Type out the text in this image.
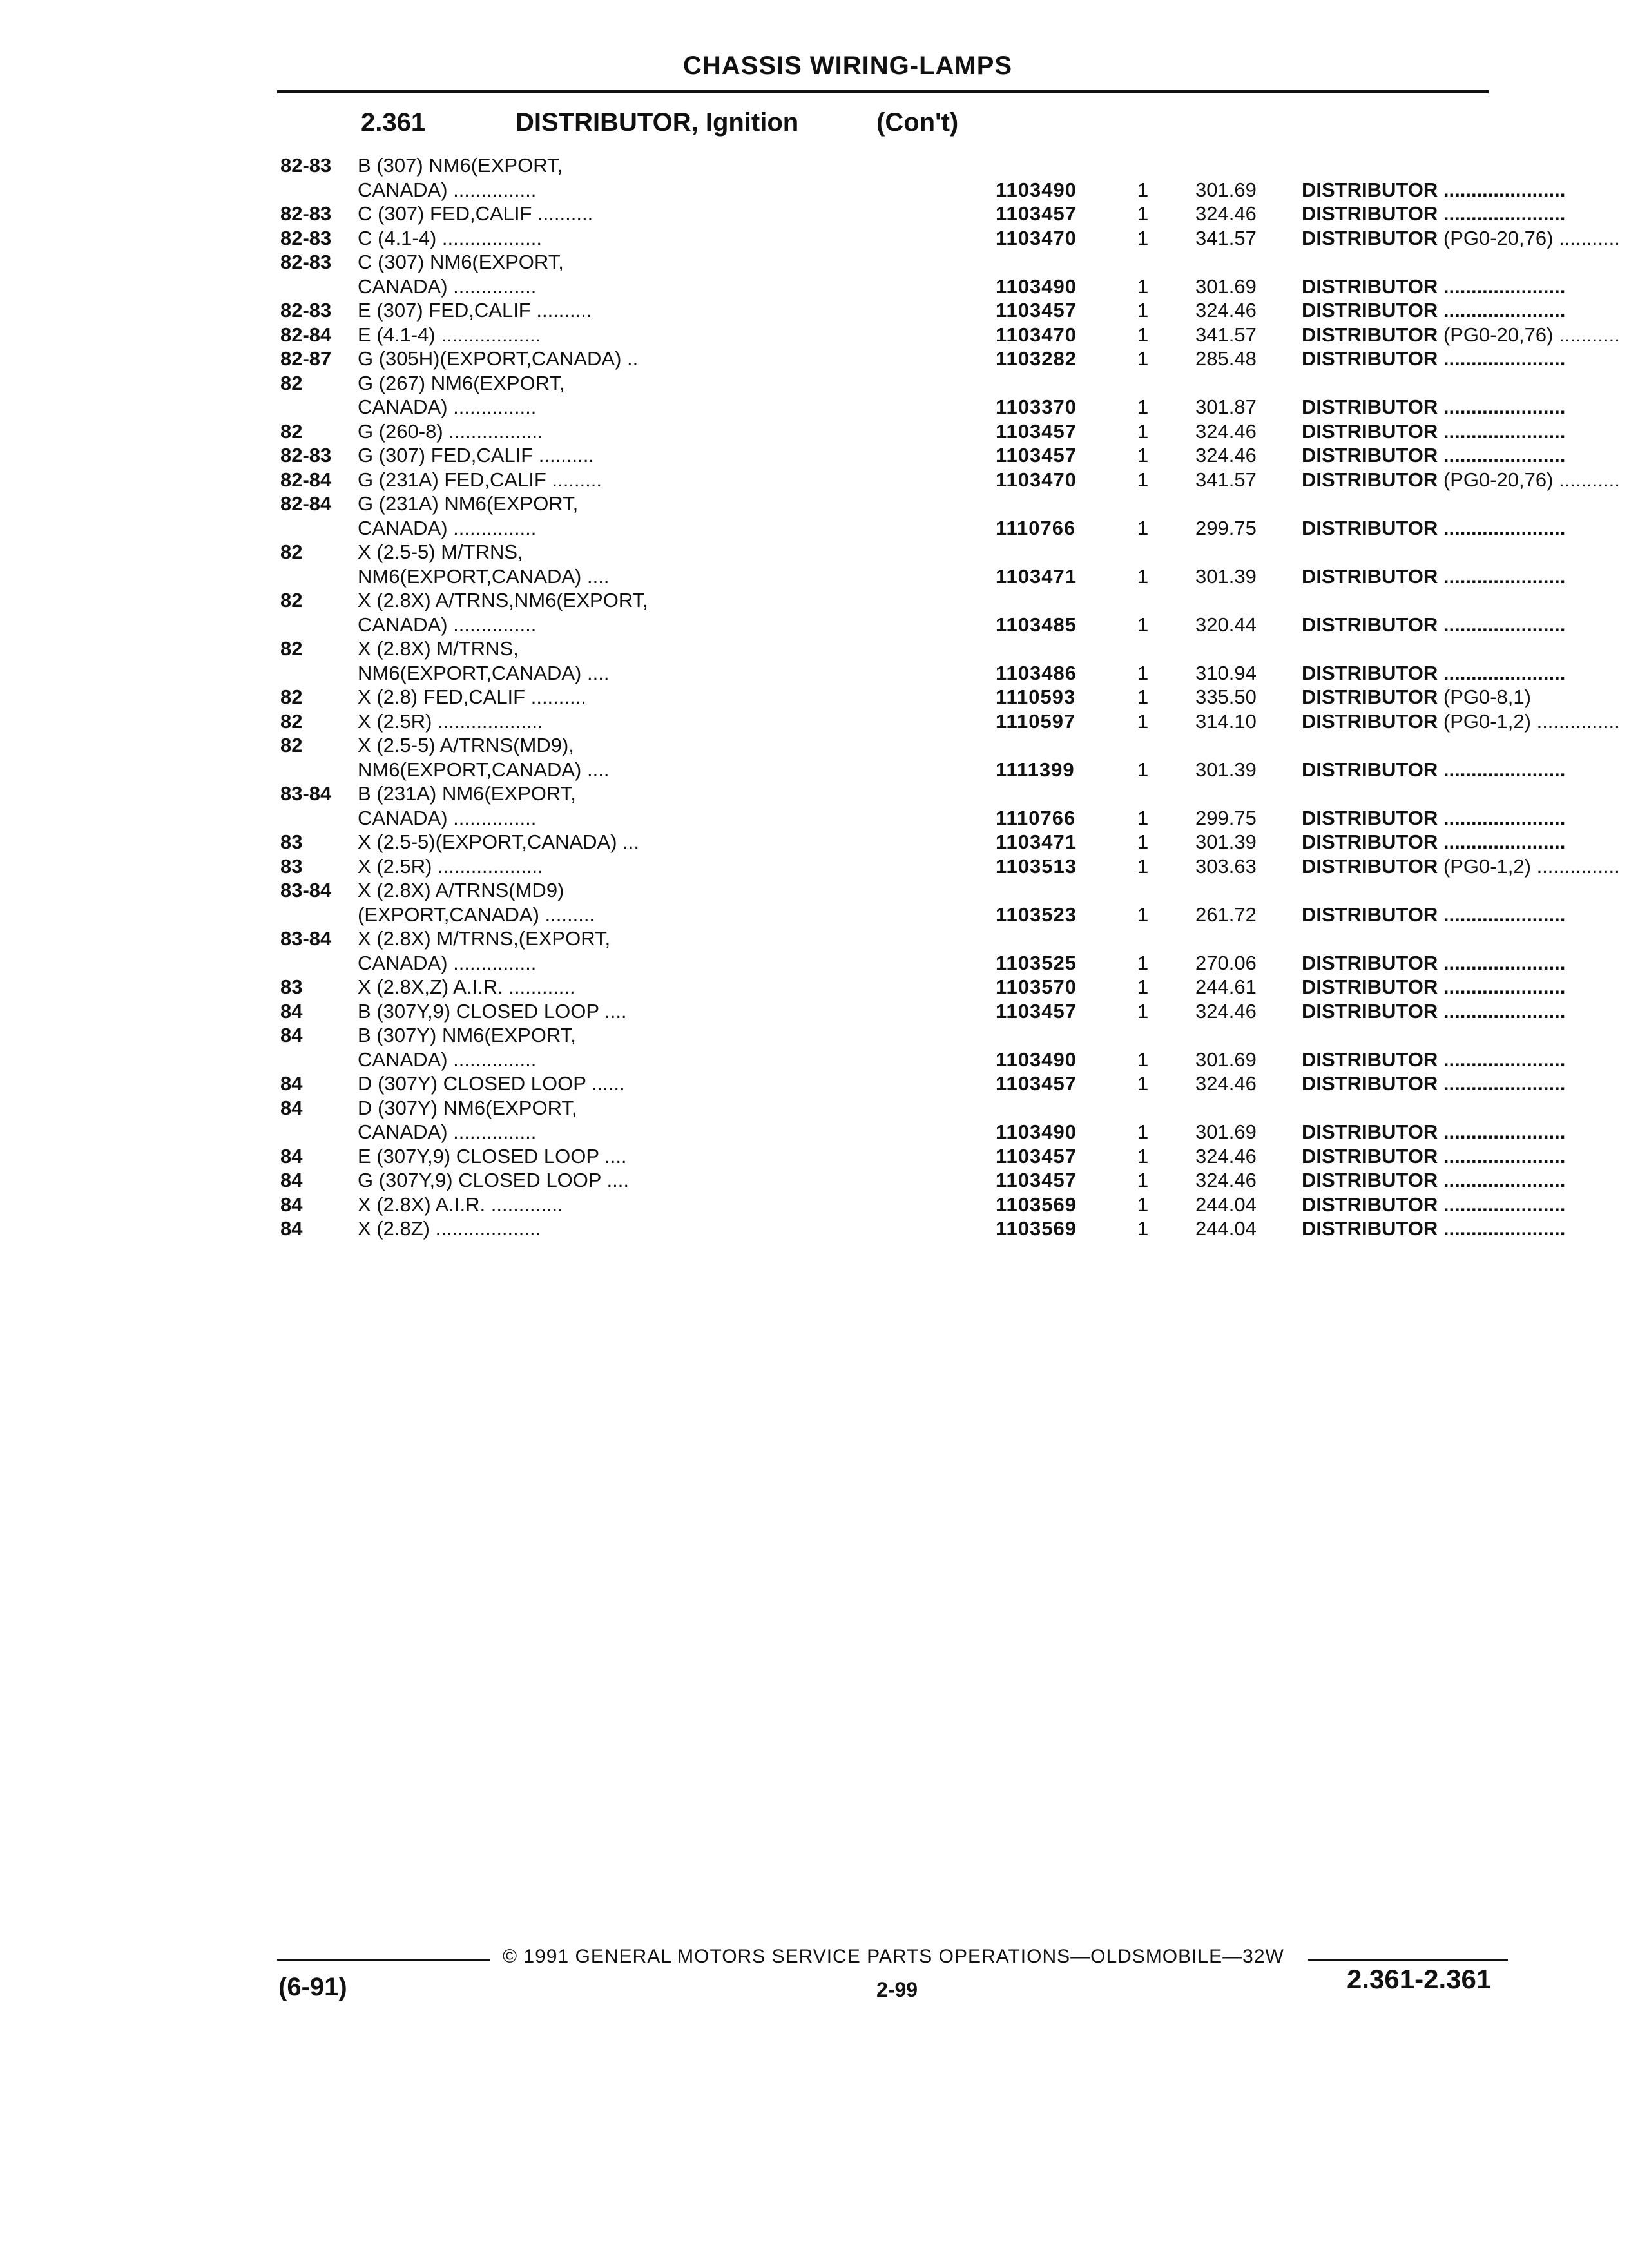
CHASSIS WIRING-LAMPS
2.361	DISTRIBUTOR, Ignition	(Con't)
82-83 B (307) NM6(EXPORT,
CANADA) ...............	1103490	1 301.69 DISTRIBUTOR ......................
82-83 C (307) FED,CALIF ..........	1103457	1 324.46 DISTRIBUTOR ......................
82-83 C (4.1-4) ..................	1103470	1 341.57 DISTRIBUTOR (PG0-20,76) ...........
82-83 C (307) NM6(EXPORT,
CANADA) ...............	1103490	1 301.69 DISTRIBUTOR ......................
82-83 E (307) FED,CALIF ..........	1103457	1 324.46 DISTRIBUTOR ......................
82-84 E (4.1-4) ..................	1103470	1 341.57 DISTRIBUTOR (PG0-20,76) ...........
82-87 G (305H)(EXPORT,CANADA) ..	1103282	1 285.48 DISTRIBUTOR ......................
82	G (267) NM6(EXPORT,
CANADA) ...............	1103370	1 301.87 DISTRIBUTOR ......................
82	G (260-8) .................	1103457	1 324.46 DISTRIBUTOR ......................
82-83 G (307) FED,CALIF ..........	1103457	1 324.46 DISTRIBUTOR ......................
82-84 G (231A) FED,CALIF .........	1103470	1 341.57 DISTRIBUTOR (PG0-20,76) ...........
82-84 G (231A) NM6(EXPORT,
CANADA) ...............	1110766	1 299.75 DISTRIBUTOR ......................
82	X (2.5-5) M/TRNS,
NM6(EXPORT,CANADA) ....	1103471	1 301.39 DISTRIBUTOR ......................
82	X (2.8X) A/TRNS,NM6(EXPORT,
CANADA) ...............	1103485	1 320.44 DISTRIBUTOR ......................
82	X (2.8X) M/TRNS,
NM6(EXPORT,CANADA) ....	1103486	1 310.94 DISTRIBUTOR ......................
82	X (2.8) FED,CALIF ..........	1110593	1 335.50 DISTRIBUTOR (PG0-8,1)
82	X (2.5R) ...................	1110597	1 314.10 DISTRIBUTOR (PG0-1,2) ...............
82	X (2.5-5) A/TRNS(MD9),
NM6(EXPORT,CANADA) ....	1111399	1 301.39 DISTRIBUTOR ......................
83-84 B (231A) NM6(EXPORT,
CANADA) ...............	1110766	1 299.75 DISTRIBUTOR ......................
83	X (2.5-5)(EXPORT,CANADA) ...	1103471	1 301.39 DISTRIBUTOR ......................
83	X (2.5R) ...................	1103513	1 303.63 DISTRIBUTOR (PG0-1,2) ...............
83-84 X (2.8X) A/TRNS(MD9)
(EXPORT,CANADA) .........	1103523	1 261.72 DISTRIBUTOR ......................
83-84 X (2.8X) M/TRNS,(EXPORT,
CANADA) ...............	1103525	1 270.06 DISTRIBUTOR ......................
83	X (2.8X,Z) A.I.R. ............	1103570	1 244.61 DISTRIBUTOR ......................
84	B (307Y,9) CLOSED LOOP ....	1103457	1 324.46 DISTRIBUTOR ......................
84	B (307Y) NM6(EXPORT,
CANADA) ...............	1103490	1 301.69 DISTRIBUTOR ......................
84	D (307Y) CLOSED LOOP ......	1103457	1 324.46 DISTRIBUTOR ......................
84	D (307Y) NM6(EXPORT,
CANADA) ...............	1103490	1 301.69 DISTRIBUTOR ......................
84	E (307Y,9) CLOSED LOOP ....	1103457	1 324.46 DISTRIBUTOR ......................
84	G (307Y,9) CLOSED LOOP ....	1103457	1 324.46 DISTRIBUTOR ......................
84	X (2.8X) A.I.R. .............	1103569	1 244.04 DISTRIBUTOR ......................
84	X (2.8Z) ...................	1103569	1 244.04 DISTRIBUTOR ......................
© 1991 GENERAL MOTORS SERVICE PARTS OPERATIONS—OLDSMOBILE—32W
(6-91)	2-99	2.361-2.361
